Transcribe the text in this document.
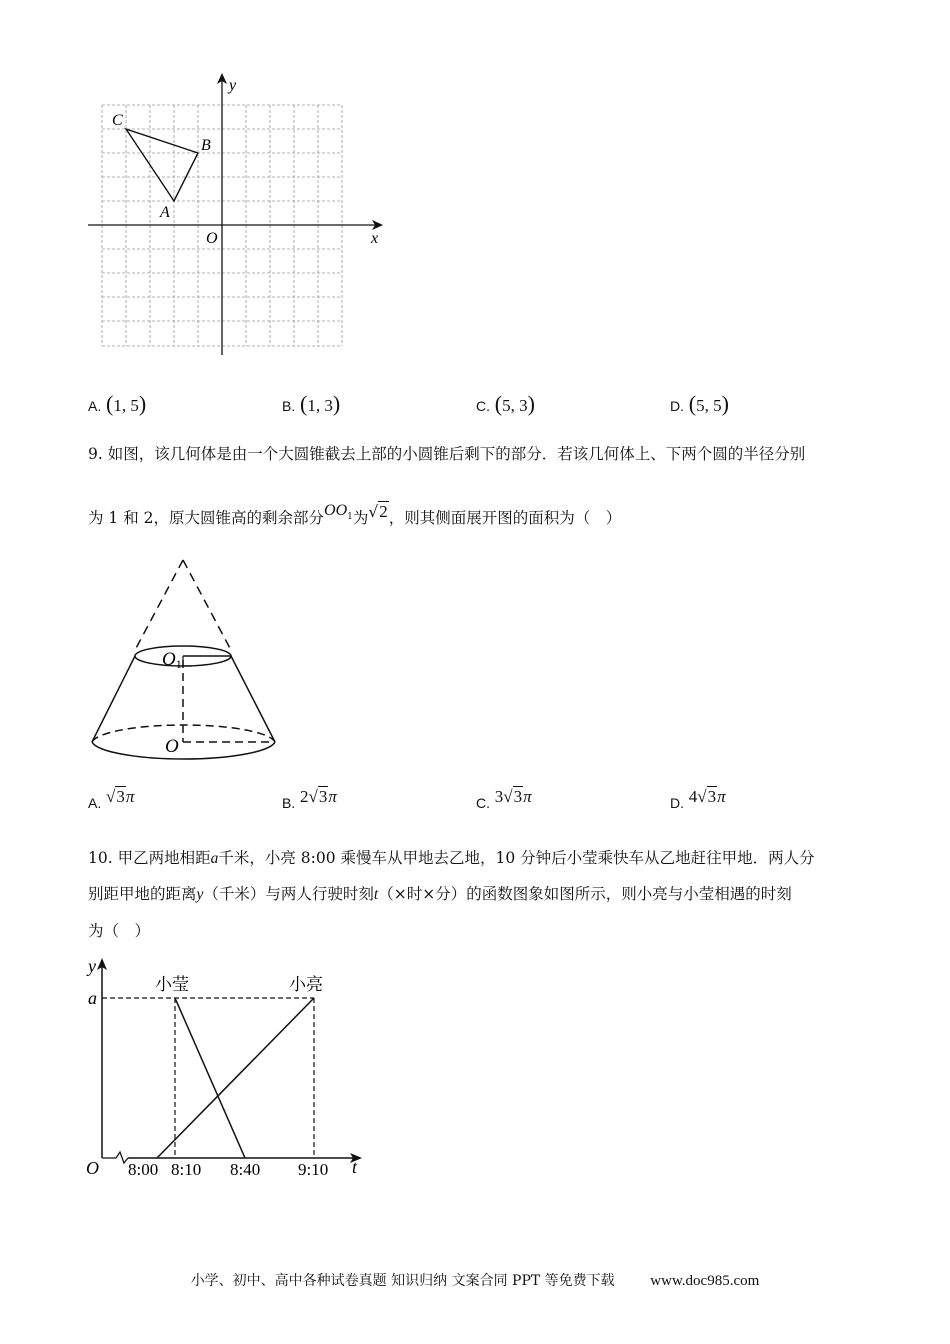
y
x
O
C
B
A
A. (1, 5)	B. (1, 3)	C. (5, 3)	D. (5, 5)
9. 如图，该几何体是由一个大圆锥截去上部的小圆锥后剩下的部分．若该几何体上、下两个圆的半径分别
为 1 和 2，原大圆锥高的剩余部分$OO^1$为√2，则其侧面展开图的面积为（　）
O1
O
A. √3π	B. 2√3π	C. 3√3π	D. 4√3π
10. 甲乙两地相距a千米，小亮 8:00 乘慢车从甲地去乙地，10 分钟后小莹乘快车从乙地赶往甲地．两人分
别距甲地的距离y（千米）与两人行驶时刻t（×时×分）的函数图象如图所示，则小亮与小莹相遇的时刻
为（　）
y
a
O	t
小莹	小亮
8:00 8:10 8:40 9:10
小学、初中、高中各种试卷真题 知识归纳 文案合同 PPT 等免费下载 www.doc985.com
